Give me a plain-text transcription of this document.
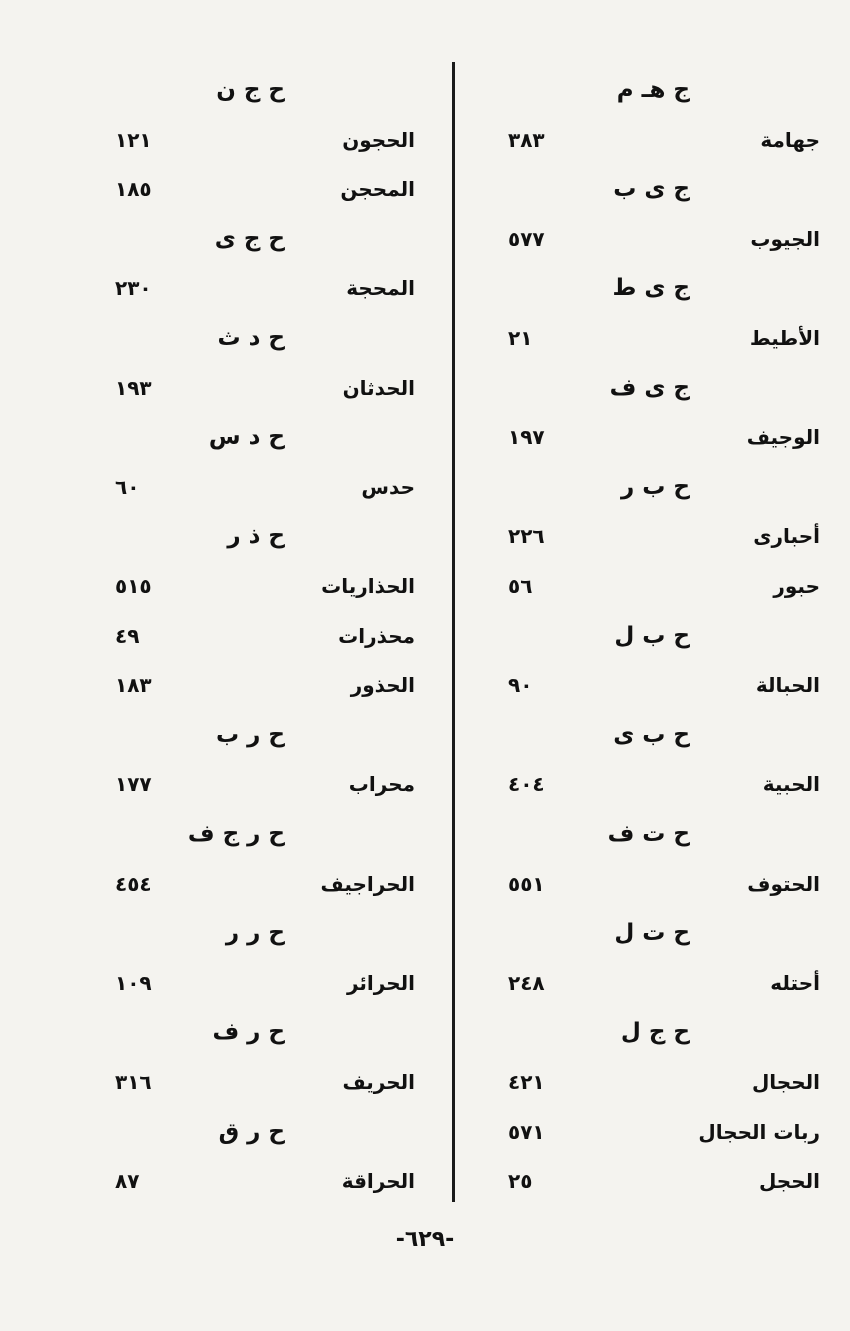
ج هـ م
جهامة
٣٨٣
ج ى ب
الجيوب
٥٧٧
ج ى ط
الأطيط
٢١
ج ى ف
الوجيف
١٩٧
ح ب ر
أحبارى
٢٢٦
حبور
٥٦
ح ب ل
الحبالة
٩٠
ح ب ى
الحبية
٤٠٤
ح ت ف
الحتوف
٥٥١
ح ت ل
أحتله
٢٤٨
ح ج ل
الحجال
٤٢١
ربات الحجال
٥٧١
الحجل
٢٥
ح ج ن
الحجون
١٢١
المحجن
١٨٥
ح ج ى
المحجة
٢٣٠
ح د ث
الحدثان
١٩٣
ح د س
حدس
٦٠
ح ذ ر
الحذاريات
٥١٥
محذرات
٤٩
الحذور
١٨٣
ح ر ب
محراب
١٧٧
ح ر ج ف
الحراجيف
٤٥٤
ح ر ر
الحرائر
١٠٩
ح ر ف
الحريف
٣١٦
ح ر ق
الحراقة
٨٧
-٦٢٩-
